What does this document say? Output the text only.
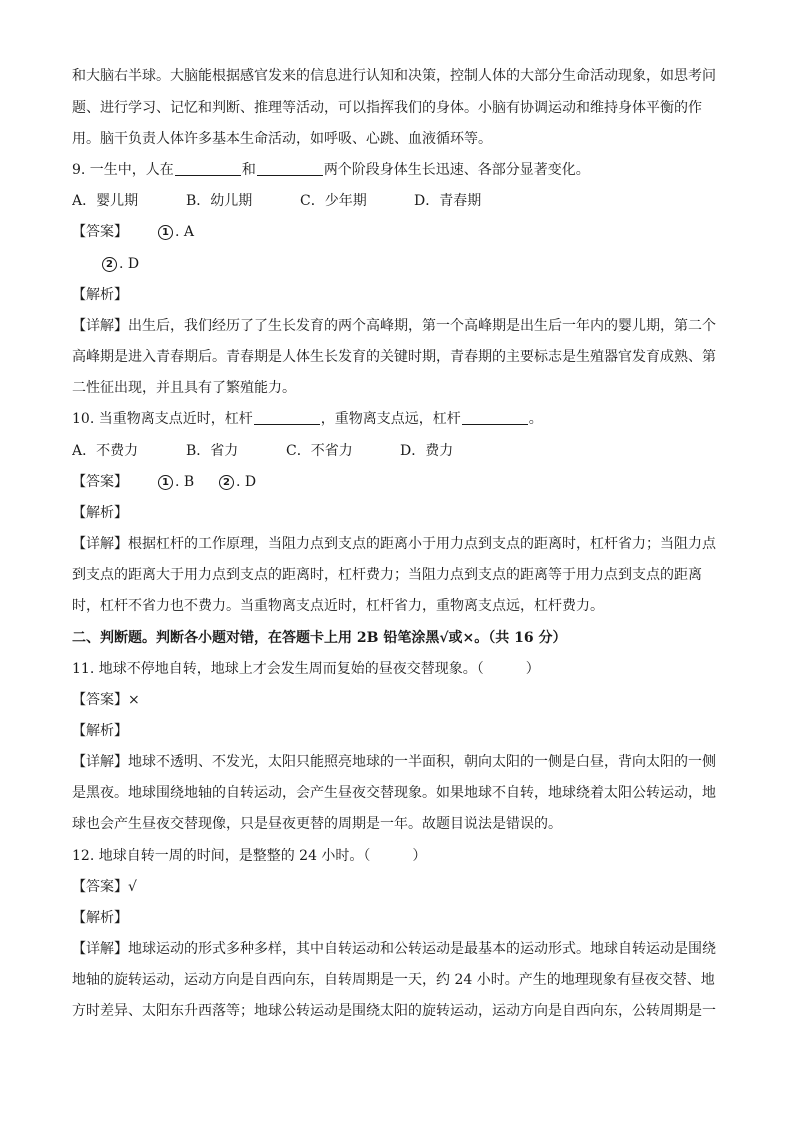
和大脑右半球。大脑能根据感官发来的信息进行认知和决策，控制人体的大部分生命活动现象，如思考问
题、进行学习、记忆和判断、推理等活动，可以指挥我们的身体。小脑有协调运动和维持身体平衡的作
用。脑干负责人体许多基本生命活动，如呼吸、心跳、血液循环等。
9. 一生中，人在	和	两个阶段身体生长迅速、各部分显著变化。
A．婴儿期	B．幼儿期	C．少年期	D．青春期
【答案】	1 . A
2 . D
【解析】
【详解】出生后，我们经历了了生长发育的两个高峰期，第一个高峰期是出生后一年内的婴儿期，第二个
高峰期是进入青春期后。青春期是人体生长发育的关键时期，青春期的主要标志是生殖器官发育成熟、第
二性征出现，并且具有了繁殖能力。
10. 当重物离支点近时，杠杆	，重物离支点远，杠杆	。
A．不费力	B．省力	C．不省力	D．费力
【答案】	1 . B	2 . D
【解析】
【详解】根据杠杆的工作原理，当阻力点到支点的距离小于用力点到支点的距离时，杠杆省力；当阻力点
到支点的距离大于用力点到支点的距离时，杠杆费力；当阻力点到支点的距离等于用力点到支点的距离
时，杠杆不省力也不费力。当重物离支点近时，杠杆省力，重物离支点远，杠杆费力。
二、判断题。判断各小题对错，在答题卡上用 2B 铅笔涂黑√或×。（共 16 分）
11. 地球不停地自转，地球上才会发生周而复始的昼夜交替现象。（　　　）
【答案】×
【解析】
【详解】地球不透明、不发光，太阳只能照亮地球的一半面积，朝向太阳的一侧是白昼，背向太阳的一侧
是黑夜。地球围绕地轴的自转运动，会产生昼夜交替现象。如果地球不自转，地球绕着太阳公转运动，地
球也会产生昼夜交替现像，只是昼夜更替的周期是一年。故题目说法是错误的。
12. 地球自转一周的时间，是整整的 24 小时。（　　　）
【答案】√
【解析】
【详解】地球运动的形式多种多样，其中自转运动和公转运动是最基本的运动形式。地球自转运动是围绕
地轴的旋转运动，运动方向是自西向东，自转周期是一天，约 24 小时。产生的地理现象有昼夜交替、地
方时差异、太阳东升西落等；地球公转运动是围绕太阳的旋转运动，运动方向是自西向东，公转周期是一
